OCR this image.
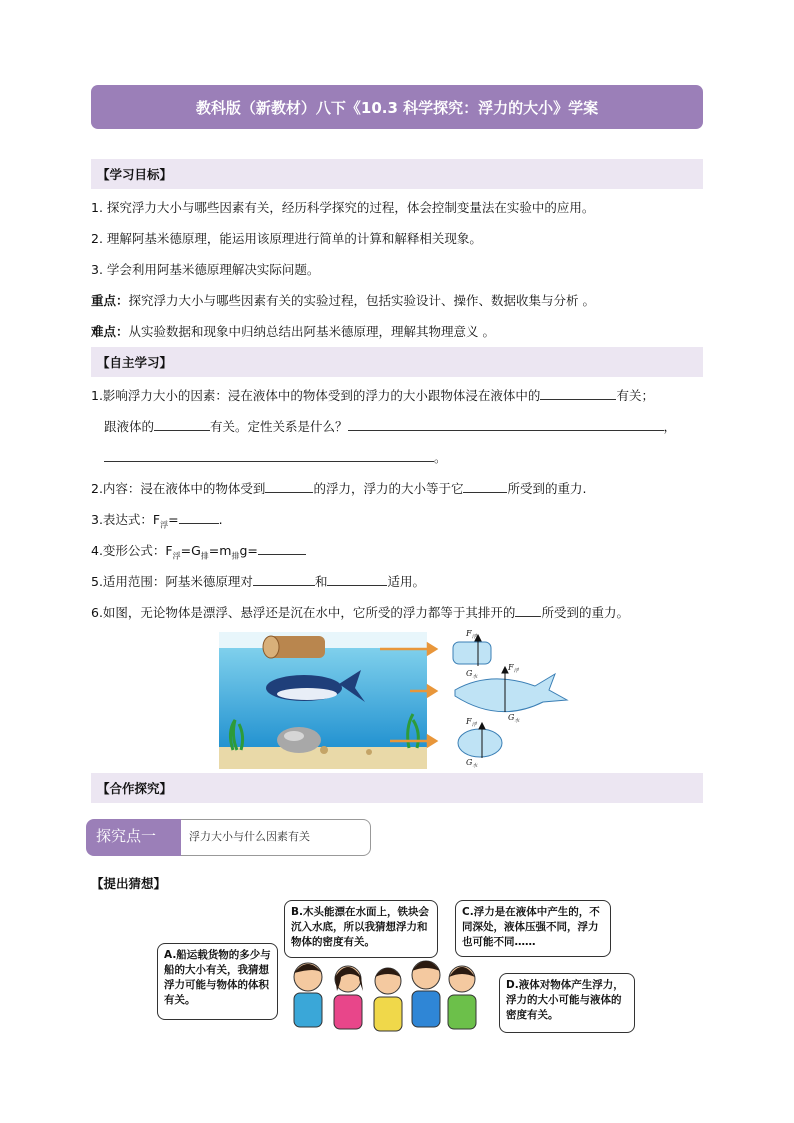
教科版（新教材）八下《10.3 科学探究：浮力的大小》学案
【学习目标】
1. 探究浮力大小与哪些因素有关，经历科学探究的过程，体会控制变量法在实验中的应用。
2. 理解阿基米德原理，能运用该原理进行简单的计算和解释相关现象。
3. 学会利用阿基米德原理解决实际问题。
重点：探究浮力大小与哪些因素有关的实验过程，包括实验设计、操作、数据收集与分析 。
难点：从实验数据和现象中归纳总结出阿基米德原理，理解其物理意义 。
【自主学习】
1.影响浮力大小的因素：浸在液体中的物体受到的浮力的大小跟物体浸在液体中的	有关；
跟液体的	有关。定性关系是什么？	，
。
2.内容：浸在液体中的物体受到	的浮力，浮力的大小等于它	所受到的重力.
3.表达式：$F_浮=$	.
4.变形公式：$F_浮=G_排=m_排g=$
5.适用范围：阿基米德原理对	和	适用。
6.如图，无论物体是漂浮、悬浮还是沉在水中，它所受的浮力都等于其排开的 所受到的重力。
$F_浮$
$G_水$
$F_浮$
$G_水$
$F_浮$
$G_水$
【合作探究】
探究点一	浮力大小与什么因素有关
【提出猜想】
A.船运载货物的多少与船的大小有关，我猜想浮力可能与物体的体积有关。
B.木头能漂在水面上，铁块会沉入水底，所以我猜想浮力和物体的密度有关。
C.浮力是在液体中产生的，不同深处，液体压强不同，浮力也可能不同……
D.液体对物体产生浮力，浮力的大小可能与液体的密度有关。
